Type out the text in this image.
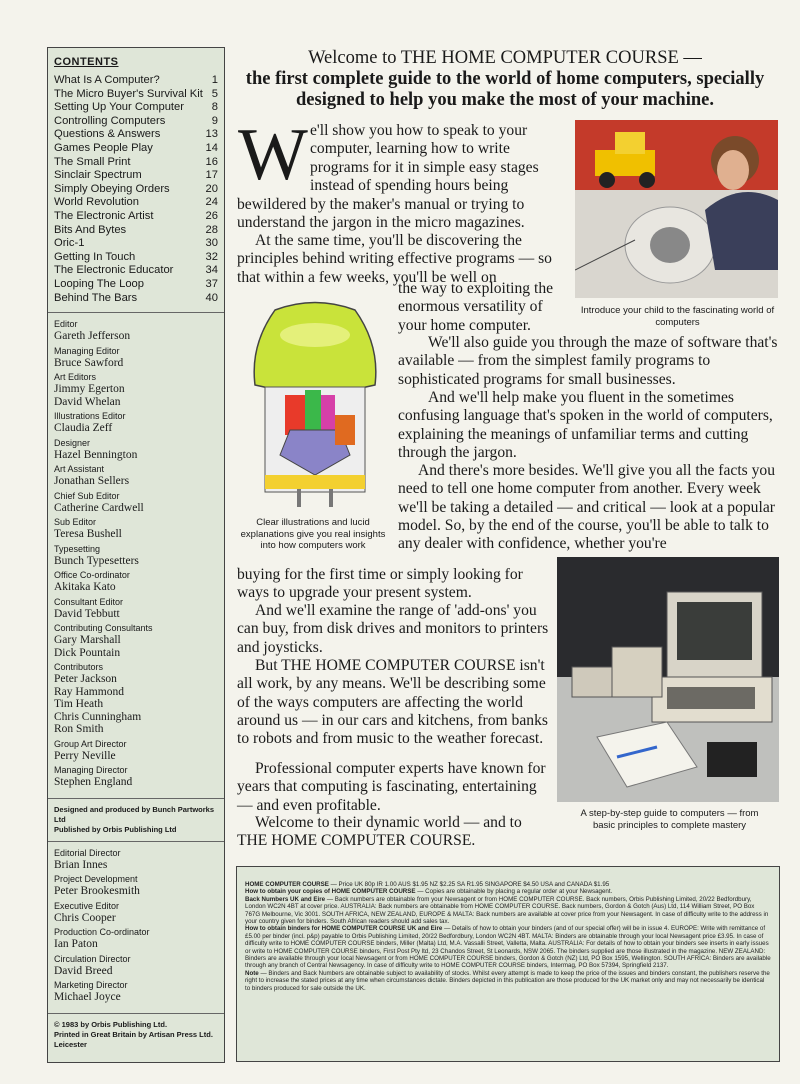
CONTENTS
What Is A Computer?	1
The Micro Buyer's Survival Kit 5
Setting Up Your Computer 8
Controlling Computers	9
Questions & Answers	13
Games People Play	14
The Small Print	16
Sinclair Spectrum	17
Simply Obeying Orders	20
World Revolution	24
The Electronic Artist	26
Bits And Bytes	28
Oric-1	30
Getting In Touch	32
The Electronic Educator	34
Looping The Loop	37
Behind The Bars	40
Editor
Gareth Jefferson
Managing Editor
Bruce Sawford
Art Editors
Jimmy Egerton
David Whelan
Illustrations Editor
Claudia Zeff
Designer
Hazel Bennington
Art Assistant
Jonathan Sellers
Chief Sub Editor
Catherine Cardwell
Sub Editor
Teresa Bushell
Typesetting
Bunch Typesetters
Office Co-ordinator
Akitaka Kato
Consultant Editor
David Tebbutt
Contributing Consultants
Gary Marshall
Dick Pountain
Contributors
Peter Jackson
Ray Hammond
Tim Heath
Chris Cunningham
Ron Smith
Group Art Director
Perry Neville
Managing Director
Stephen England
Designed and produced by Bunch Partworks Ltd
Published by Orbis Publishing Ltd
Editorial Director
Brian Innes
Project Development
Peter Brookesmith
Executive Editor
Chris Cooper
Production Co-ordinator
Ian Paton
Circulation Director
David Breed
Marketing Director
Michael Joyce
© 1983 by Orbis Publishing Ltd.
Printed in Great Britain by Artisan Press Ltd. Leicester
Welcome to THE HOME COMPUTER COURSE —
the first complete guide to the world of home computers, specially designed to help you make the most of your machine.
W e'll show you how to speak to your computer, learning how to write programs for it in simple easy stages instead of spending hours being
bewildered by the maker's manual or trying to understand the jargon in the micro magazines.
At the same time, you'll be discovering the principles behind writing effective programs — so that within a few weeks, you'll be well on
the way to exploiting the enormous versatility of your home computer.
We'll also guide you through the maze of software that's available — from the simplest family programs to sophisticated programs for small businesses.
And we'll help make you fluent in the sometimes confusing language that's spoken in the world of computers, explaining the meanings of unfamiliar terms and cutting through the jargon.
And there's more besides. We'll give you all the facts you need to tell one home computer from another. Every week we'll be taking a detailed — and critical — look at a popular model. So, by the end of the course, you'll be able to talk to any dealer with confidence, whether you're
buying for the first time or simply looking for ways to upgrade your present system.
And we'll examine the range of 'add-ons' you can buy, from disk drives and monitors to printers and joysticks.
But THE HOME COMPUTER COURSE isn't all work, by any means. We'll be describing some of the ways computers are affecting the world around us — in our cars and kitchens, from banks to robots and from music to the weather forecast.
Professional computer experts have known for years that computing is fascinating, entertaining — and even profitable.
Welcome to their dynamic world — and to THE HOME COMPUTER COURSE.
Introduce your child to the fascinating world of computers
Clear illustrations and lucid explanations give you real insights into how computers work
A step-by-step guide to computers — from basic principles to complete mastery
HOME COMPUTER COURSE — Price UK 80p IR 1.00 AUS $1.95 NZ $2.25 SA R1.95 SINGAPORE $4.50 USA and CANADA $1.95
How to obtain your copies of HOME COMPUTER COURSE — Copies are obtainable by placing a regular order at your Newsagent.
Back Numbers UK and Eire — Back numbers are obtainable from your Newsagent or from HOME COMPUTER COURSE. Back numbers, Orbis Publishing Limited, 20/22 Bedfordbury, London WC2N 4BT at cover price. AUSTRALIA: Back numbers are obtainable from HOME COMPUTER COURSE. Back numbers, Gordon & Gotch (Aus) Ltd, 114 William Street, PO Box 767G Melbourne, Vic 3001. SOUTH AFRICA, NEW ZEALAND, EUROPE & MALTA: Back numbers are available at cover price from your Newsagent. In case of difficulty write to the address in your country given for binders. South African readers should add sales tax.
How to obtain binders for HOME COMPUTER COURSE UK and Eire — Details of how to obtain your binders (and of our special offer) will be in issue 4. EUROPE: Write with remittance of £5.00 per binder (incl. p&p) payable to Orbis Publishing Limited, 20/22 Bedfordbury, London WC2N 4BT. MALTA: Binders are obtainable through your local Newsagent price £3.95. In case of difficulty write to HOME COMPUTER COURSE binders, Miller (Malta) Ltd, M.A. Vassalli Street, Valletta, Malta. AUSTRALIA: For details of how to obtain your binders see inserts in early issues or write to HOME COMPUTER COURSE binders, First Post Pty ltd, 23 Chandos Street, St Leonards, NSW 2065. The binders supplied are those illustrated in the magazine. NEW ZEALAND: Binders are available through your local Newsagent or from HOME COMPUTER COURSE binders, Gordon & Gotch (NZ) Ltd, PO Box 1595, Wellington. SOUTH AFRICA: Binders are available through any branch of Central Newsagency. In case of difficulty write to HOME COMPUTER COURSE binders, Intermag, PO Box 57394, Springfield 2137.
Note — Binders and Back Numbers are obtainable subject to availability of stocks. Whilst every attempt is made to keep the price of the issues and binders constant, the publishers reserve the right to increase the stated prices at any time when circumstances dictate. Binders depicted in this publication are those produced for the UK market only and may not necessarily be identical to binders produced for sale outside the UK.
